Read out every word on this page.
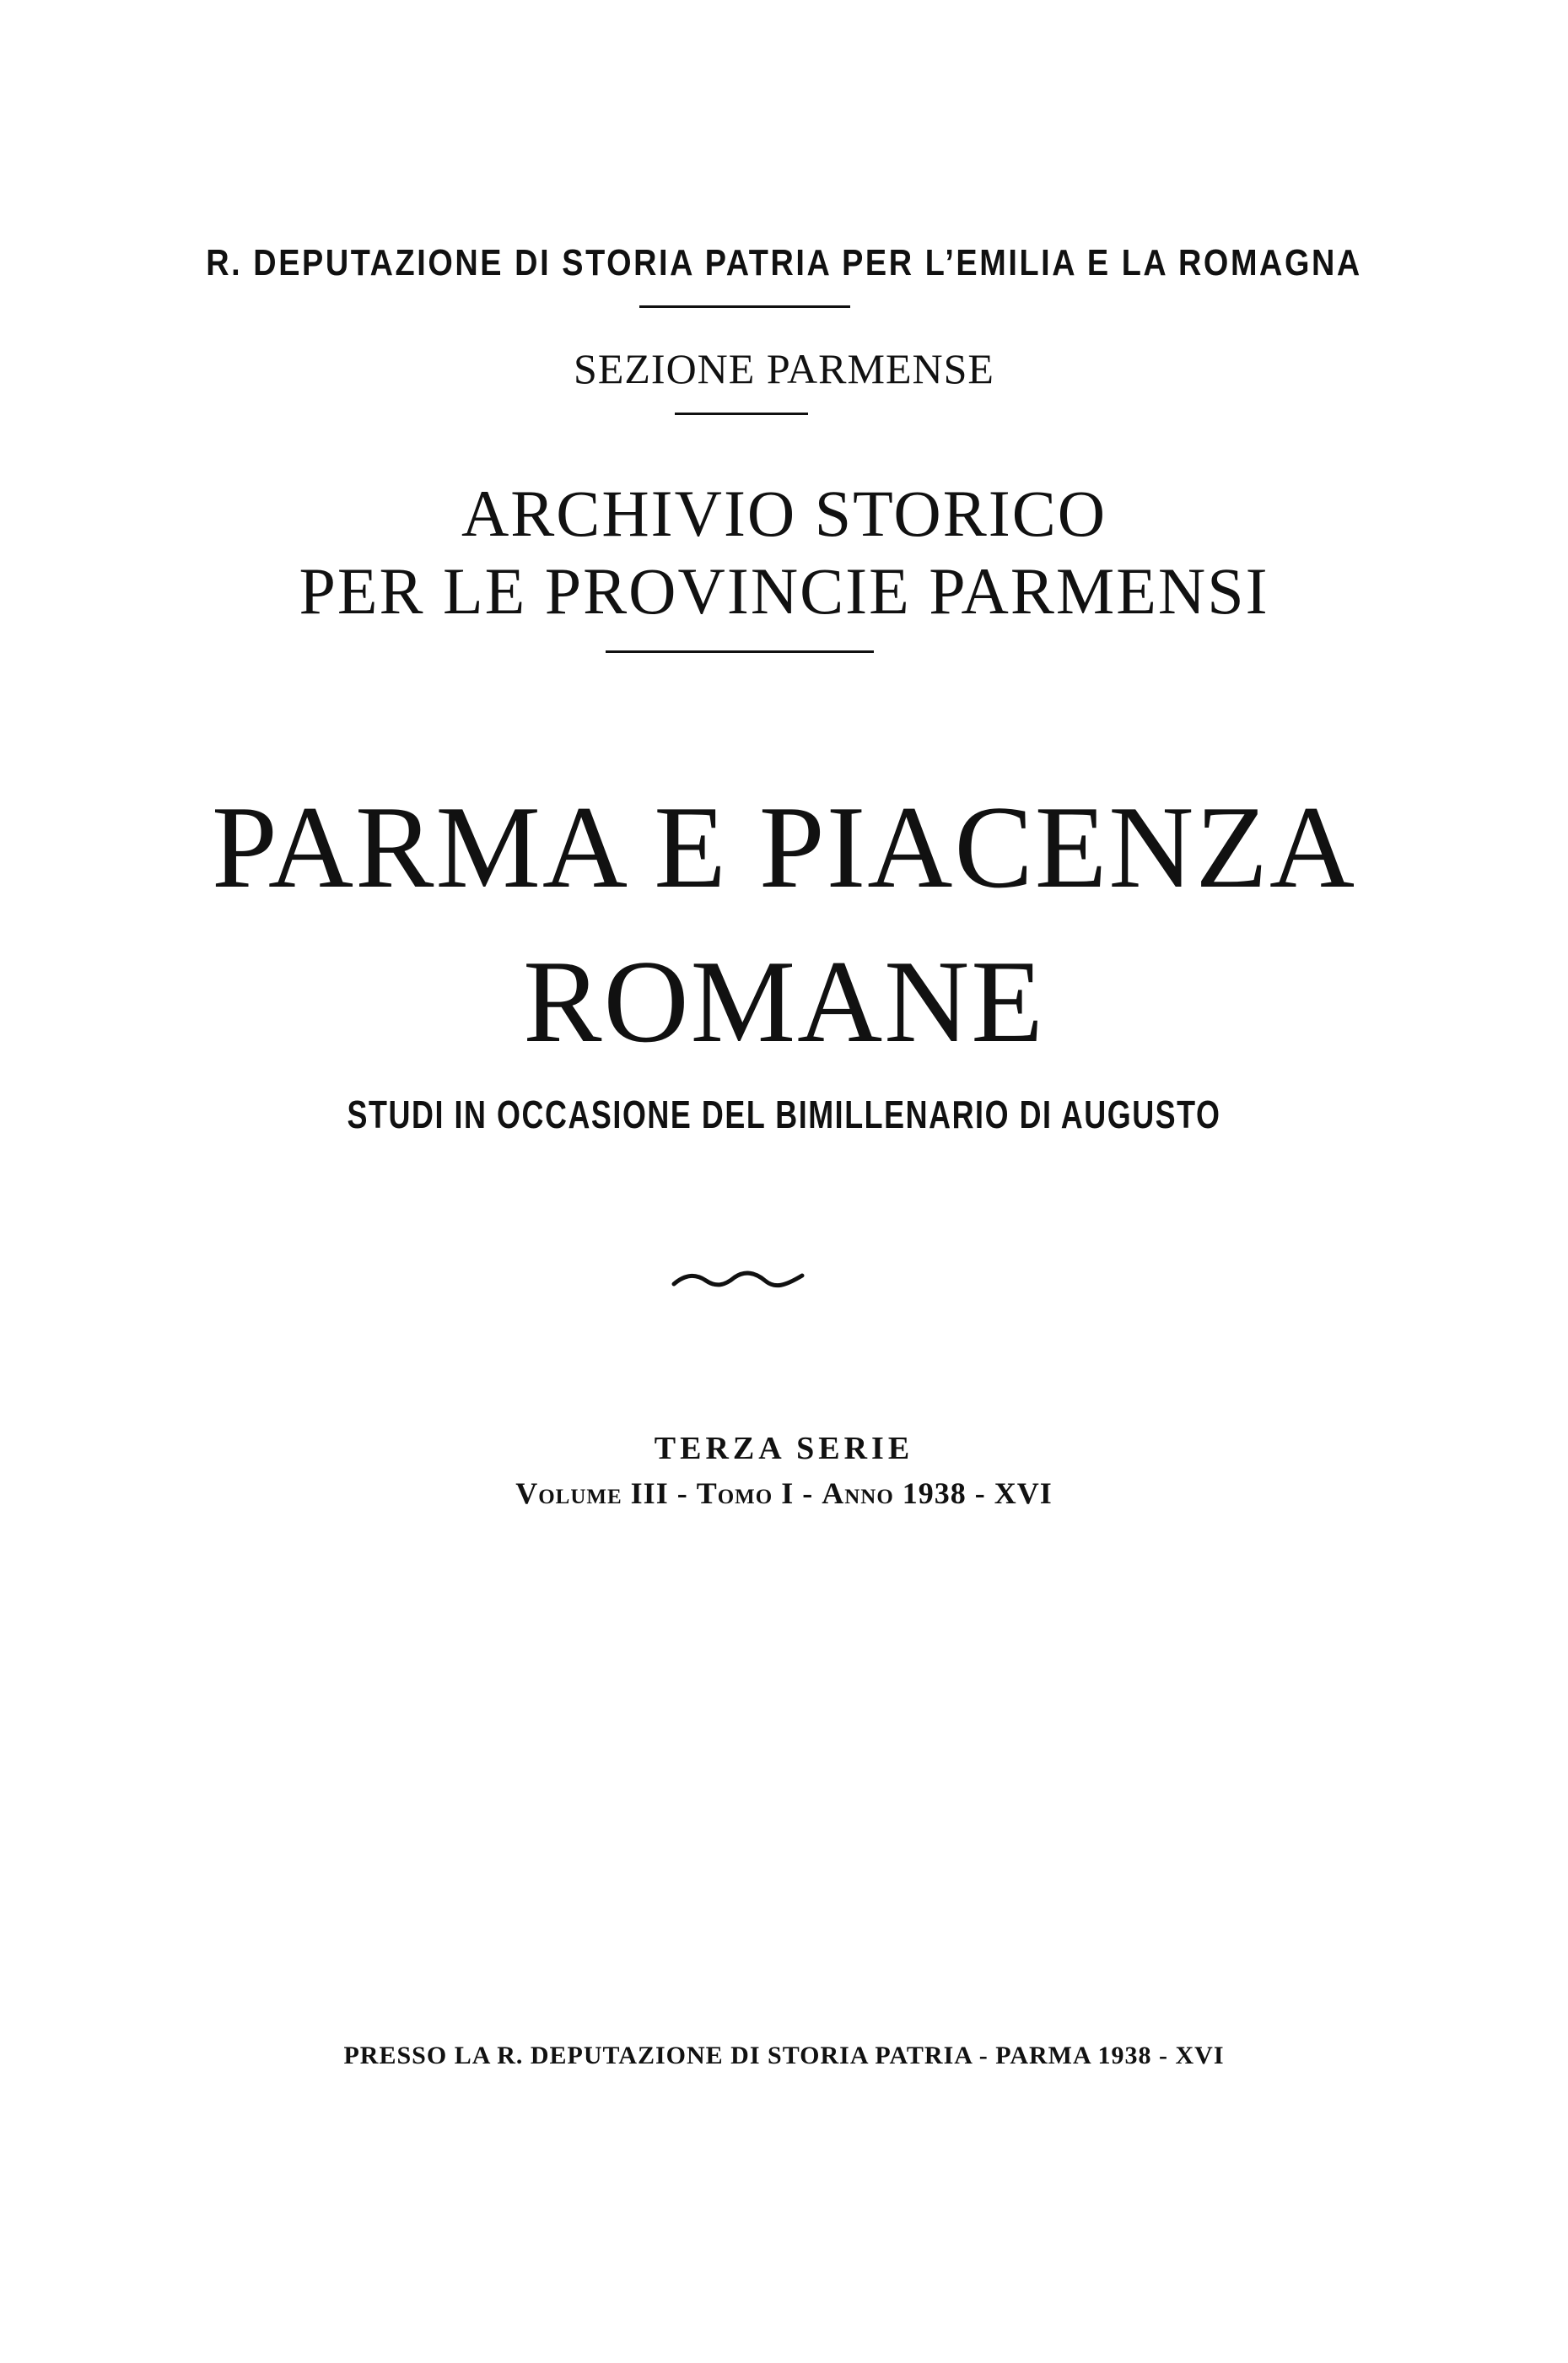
R. DEPUTAZIONE DI STORIA PATRIA PER L’EMILIA E LA ROMAGNA
SEZIONE PARMENSE
ARCHIVIO STORICO
PER LE PROVINCIE PARMENSI
PARMA E PIACENZA
ROMANE
STUDI IN OCCASIONE DEL BIMILLENARIO DI AUGUSTO
TERZA SERIE
Volume III - Tomo I - Anno 1938 - XVI
PRESSO LA R. DEPUTAZIONE DI STORIA PATRIA - PARMA 1938 - XVI
